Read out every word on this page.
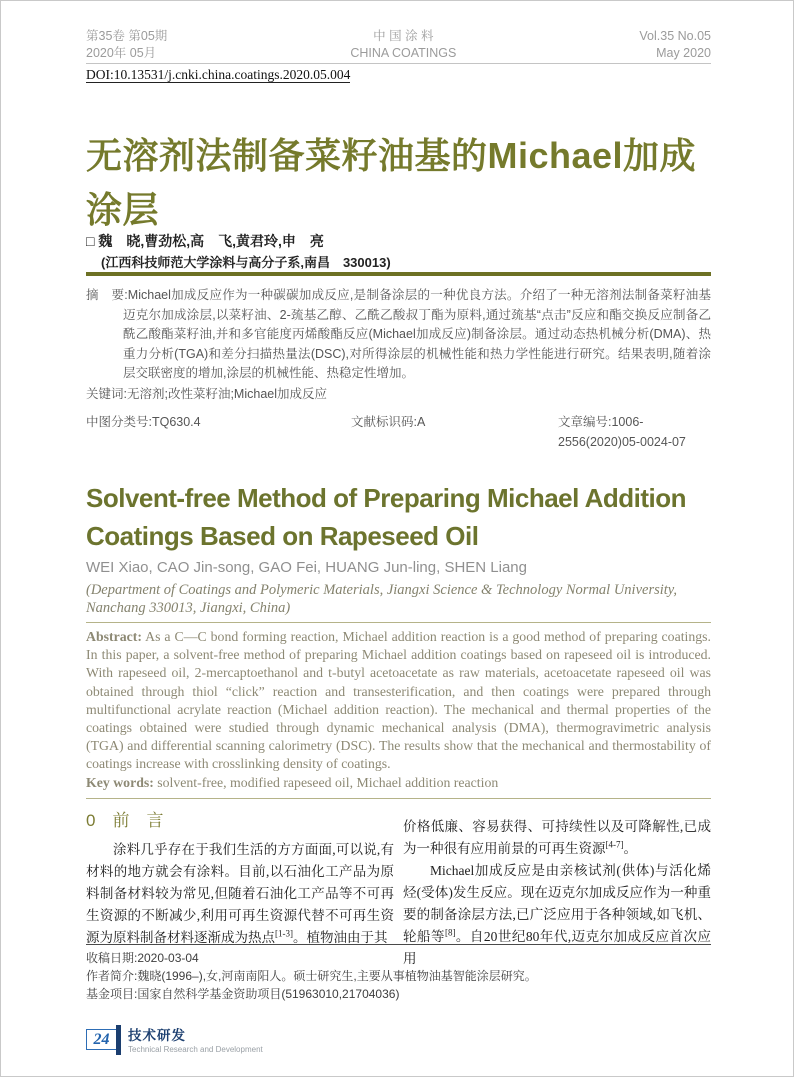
第35卷 第05期
2020年 05月
中 国 涂 料
CHINA COATINGS
Vol.35 No.05
May 2020
DOI:10.13531/j.cnki.china.coatings.2020.05.004
无溶剂法制备菜籽油基的Michael加成涂层
□ 魏　晓,曹劲松,高　飞,黄君玲,申　亮
(江西科技师范大学涂料与高分子系,南昌　330013)

摘　要:Michael加成反应作为一种碳碳加成反应,是制备涂层的一种优良方法。介绍了一种无溶剂法制备菜籽油基迈克尔加成涂层,以菜籽油、2-巯基乙醇、乙酰乙酸叔丁酯为原料,通过巯基“点击”反应和酯交换反应制备乙酰乙酸酯菜籽油,并和多官能度丙烯酸酯反应(Michael加成反应)制备涂层。通过动态热机械分析(DMA)、热重力分析(TGA)和差分扫描热量法(DSC),对所得涂层的机械性能和热力学性能进行研究。结果表明,随着涂层交联密度的增加,涂层的机械性能、热稳定性增加。

关键词:无溶剂;改性菜籽油;Michael加成反应

中图分类号:TQ630.4	文献标识码:A	文章编号:1006-2556(2020)05-0024-07
Solvent-free Method of Preparing Michael Addition Coatings Based on Rapeseed Oil
WEI Xiao, CAO Jin-song, GAO Fei, HUANG Jun-ling, SHEN Liang
(Department of Coatings and Polymeric Materials, Jiangxi Science & Technology Normal University, Nanchang 330013, Jiangxi, China)

Abstract: As a C—C bond forming reaction, Michael addition reaction is a good method of preparing coatings. In this paper, a solvent-free method of preparing Michael addition coatings based on rapeseed oil is introduced. With rapeseed oil, 2-mercaptoethanol and t-butyl acetoacetate as raw materials, acetoacetate rapeseed oil was obtained through thiol “click” reaction and transesterification, and then coatings were prepared through multifunctional acrylate reaction (Michael addition reaction). The mechanical and thermal properties of the coatings obtained were studied through dynamic mechanical analysis (DMA), thermogravimetric analysis (TGA) and differential scanning calorimetry (DSC). The results show that the mechanical and thermostability of coatings increase with crosslinking density of coatings.

Key words: solvent-free, modified rapeseed oil, Michael addition reaction

0　前　言

涂料几乎存在于我们生活的方方面面,可以说,有材料的地方就会有涂料。目前,以石油化工产品为原料制备材料较为常见,但随着石油化工产品等不可再生资源的不断减少,利用可再生资源代替不可再生资源为原料制备材料逐渐成为热点[1-3]。植物油由于其

价格低廉、容易获得、可持续性以及可降解性,已成为一种很有应用前景的可再生资源[4-7]。

Michael加成反应是由亲核试剂(供体)与活化烯烃(受体)发生反应。现在迈克尔加成反应作为一种重要的制备涂层方法,已广泛应用于各种领域,如飞机、轮船等[8]。自20世纪80年代,迈克尔加成反应首次应用

收稿日期:2020-03-04
作者简介:魏晓(1996–),女,河南南阳人。硕士研究生,主要从事植物油基智能涂层研究。
基金项目:国家自然科学基金资助项目(51963010,21704036)
24	技术研发
Technical Research and Development
